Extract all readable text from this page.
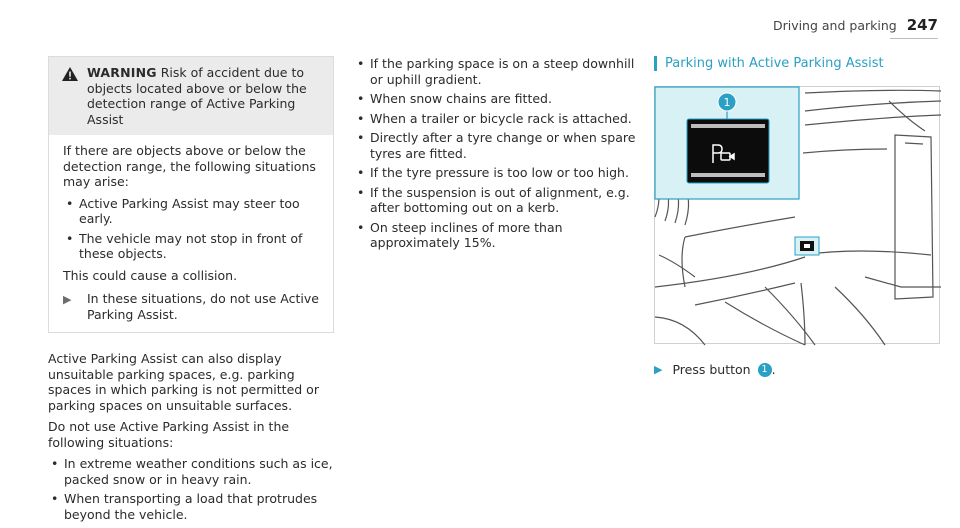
Driving and parking 247

WARNING Risk of accident due to objects located above or below the detection range of Active Parking Assist

If there are objects above or below the detection range, the following situations may arise:

• Active Parking Assist may steer too early.
• The vehicle may not stop in front of these objects.

This could cause a collision.

▶	In these situations, do not use Active Parking Assist.

Active Parking Assist can also display unsuitable parking spaces, e.g. parking spaces in which parking is not permitted or parking spaces on unsuitable surfaces.

Do not use Active Parking Assist in the following situations:

• In extreme weather conditions such as ice, packed snow or in heavy rain.
• When transporting a load that protrudes beyond the vehicle.
• If the parking space is on a steep downhill or uphill gradient.
• When snow chains are fitted.
• When a trailer or bicycle rack is attached.
• Directly after a tyre change or when spare tyres are fitted.
• If the tyre pressure is too low or too high.
• If the suspension is out of alignment, e.g. after bottoming out on a kerb.
• On steep inclines of more than approximately 15%.
Parking with Active Parking Assist
1
▶ Press button 1 .
